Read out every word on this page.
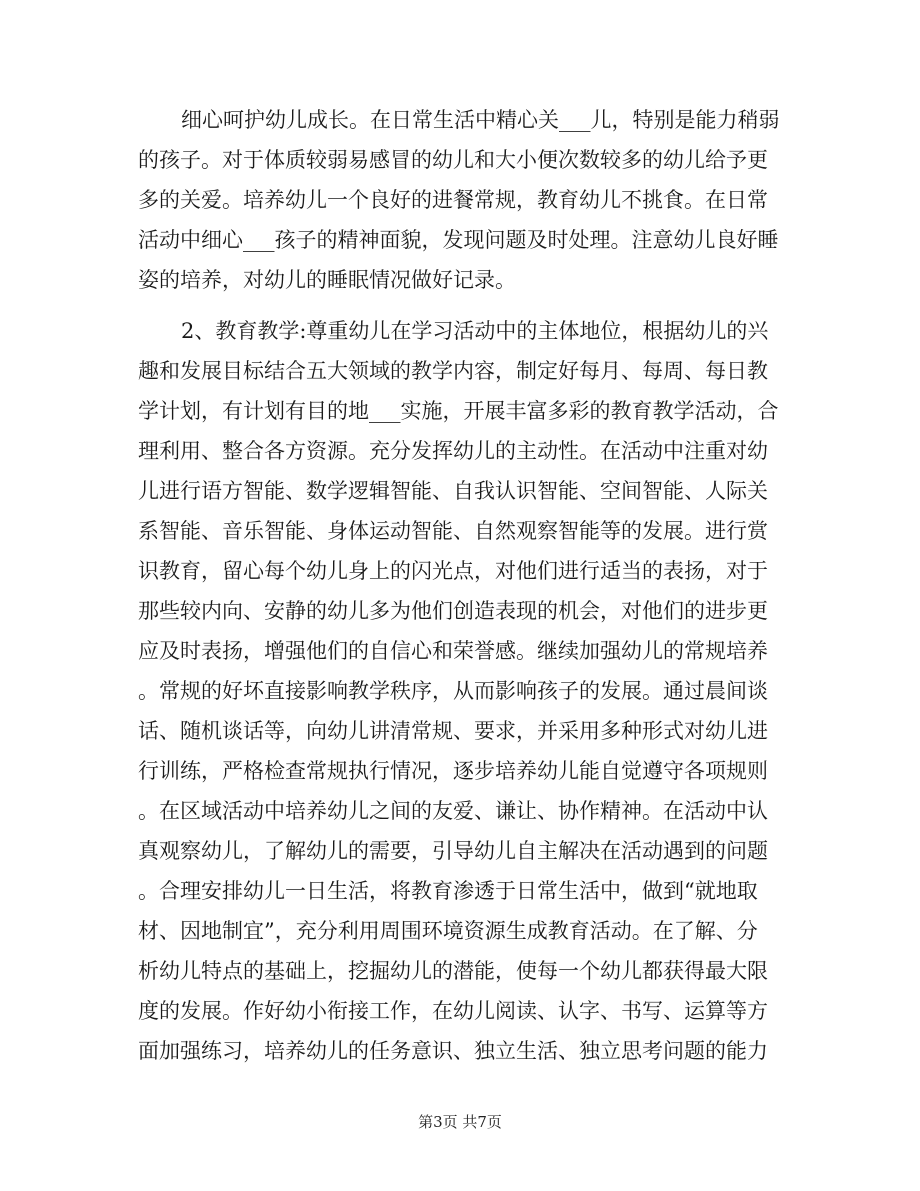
细心呵护幼儿成长。在日常生活中精心关___儿，特别是能力稍弱
的孩子。对于体质较弱易感冒的幼儿和大小便次数较多的幼儿给予更
多的关爱。培养幼儿一个良好的进餐常规，教育幼儿不挑食。在日常
活动中细心___孩子的精神面貌，发现问题及时处理。注意幼儿良好睡
姿的培养，对幼儿的睡眠情况做好记录。
2、教育教学:尊重幼儿在学习活动中的主体地位，根据幼儿的兴
趣和发展目标结合五大领域的教学内容，制定好每月、每周、每日教
学计划，有计划有目的地___实施，开展丰富多彩的教育教学活动，合
理利用、整合各方资源。充分发挥幼儿的主动性。在活动中注重对幼
儿进行语方智能、数学逻辑智能、自我认识智能、空间智能、人际关
系智能、音乐智能、身体运动智能、自然观察智能等的发展。进行赏
识教育，留心每个幼儿身上的闪光点，对他们进行适当的表扬，对于
那些较内向、安静的幼儿多为他们创造表现的机会，对他们的进步更
应及时表扬，增强他们的自信心和荣誉感。继续加强幼儿的常规培养
。常规的好坏直接影响教学秩序，从而影响孩子的发展。通过晨间谈
话、随机谈话等，向幼儿讲清常规、要求，并采用多种形式对幼儿进
行训练，严格检查常规执行情况，逐步培养幼儿能自觉遵守各项规则
。在区域活动中培养幼儿之间的友爱、谦让、协作精神。在活动中认
真观察幼儿，了解幼儿的需要，引导幼儿自主解决在活动遇到的问题
。合理安排幼儿一日生活，将教育渗透于日常生活中，做到“就地取
材、因地制宜”，充分利用周围环境资源生成教育活动。在了解、分
析幼儿特点的基础上，挖掘幼儿的潜能，使每一个幼儿都获得最大限
度的发展。作好幼小衔接工作，在幼儿阅读、认字、书写、运算等方
面加强练习，培养幼儿的任务意识、独立生活、独立思考问题的能力
第3页 共7页
